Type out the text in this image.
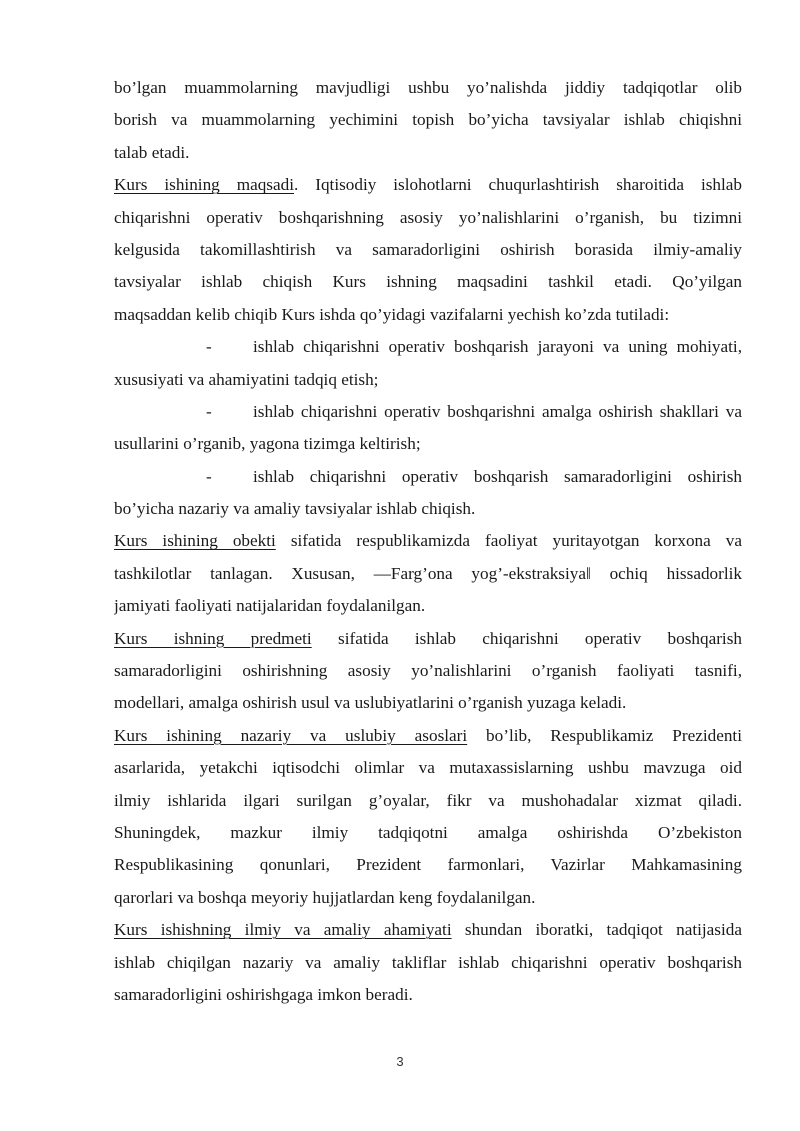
bo’lgan muammolarning mavjudligi ushbu yo’nalishda jiddiy tadqiqotlar olib
borish va muammolarning yechimini topish bo’yicha tavsiyalar ishlab chiqishni
talab etadi.
Kurs ishining maqsadi. Iqtisodiy islohotlarni chuqurlashtirish sharoitida ishlab
chiqarishni operativ boshqarishning asosiy yo’nalishlarini o’rganish, bu tizimni
kelgusida takomillashtirish va samaradorligini oshirish borasida ilmiy-amaliy
tavsiyalar ishlab chiqish Kurs ishning maqsadini tashkil etadi. Qo’yilgan
maqsaddan kelib chiqib Kurs ishda qo’yidagi vazifalarni yechish ko’zda tutiladi:
- ishlab chiqarishni operativ boshqarish jarayoni va uning mohiyati,
xususiyati va ahamiyatini tadqiq etish;
- ishlab chiqarishni operativ boshqarishni amalga oshirish shakllari va
usullarini o’rganib, yagona tizimga keltirish;
- ishlab chiqarishni operativ boshqarish samaradorligini oshirish
bo’yicha nazariy va amaliy tavsiyalar ishlab chiqish.
Kurs ishining obekti sifatida respublikamizda faoliyat yuritayotgan korxona va
tashkilotlar tanlagan. Xususan, ―Farg’ona yog’-ekstraksiya‖ ochiq hissadorlik
jamiyati faoliyati natijalaridan foydalanilgan.
Kurs ishning predmeti sifatida ishlab chiqarishni operativ boshqarish
samaradorligini oshirishning asosiy yo’nalishlarini o’rganish faoliyati tasnifi,
modellari, amalga oshirish usul va uslubiyatlarini o’rganish yuzaga keladi.
Kurs ishining nazariy va uslubiy asoslari bo’lib, Respublikamiz Prezidenti
asarlarida, yetakchi iqtisodchi olimlar va mutaxassislarning ushbu mavzuga oid
ilmiy ishlarida ilgari surilgan g’oyalar, fikr va mushohadalar xizmat qiladi.
Shuningdek, mazkur ilmiy tadqiqotni amalga oshirishda O’zbekiston
Respublikasining qonunlari, Prezident farmonlari, Vazirlar Mahkamasining
qarorlari va boshqa meyoriy hujjatlardan keng foydalanilgan.
Kurs ishishning ilmiy va amaliy ahamiyati shundan iboratki, tadqiqot natijasida
ishlab chiqilgan nazariy va amaliy takliflar ishlab chiqarishni operativ boshqarish
samaradorligini oshirishgaga imkon beradi.
3
